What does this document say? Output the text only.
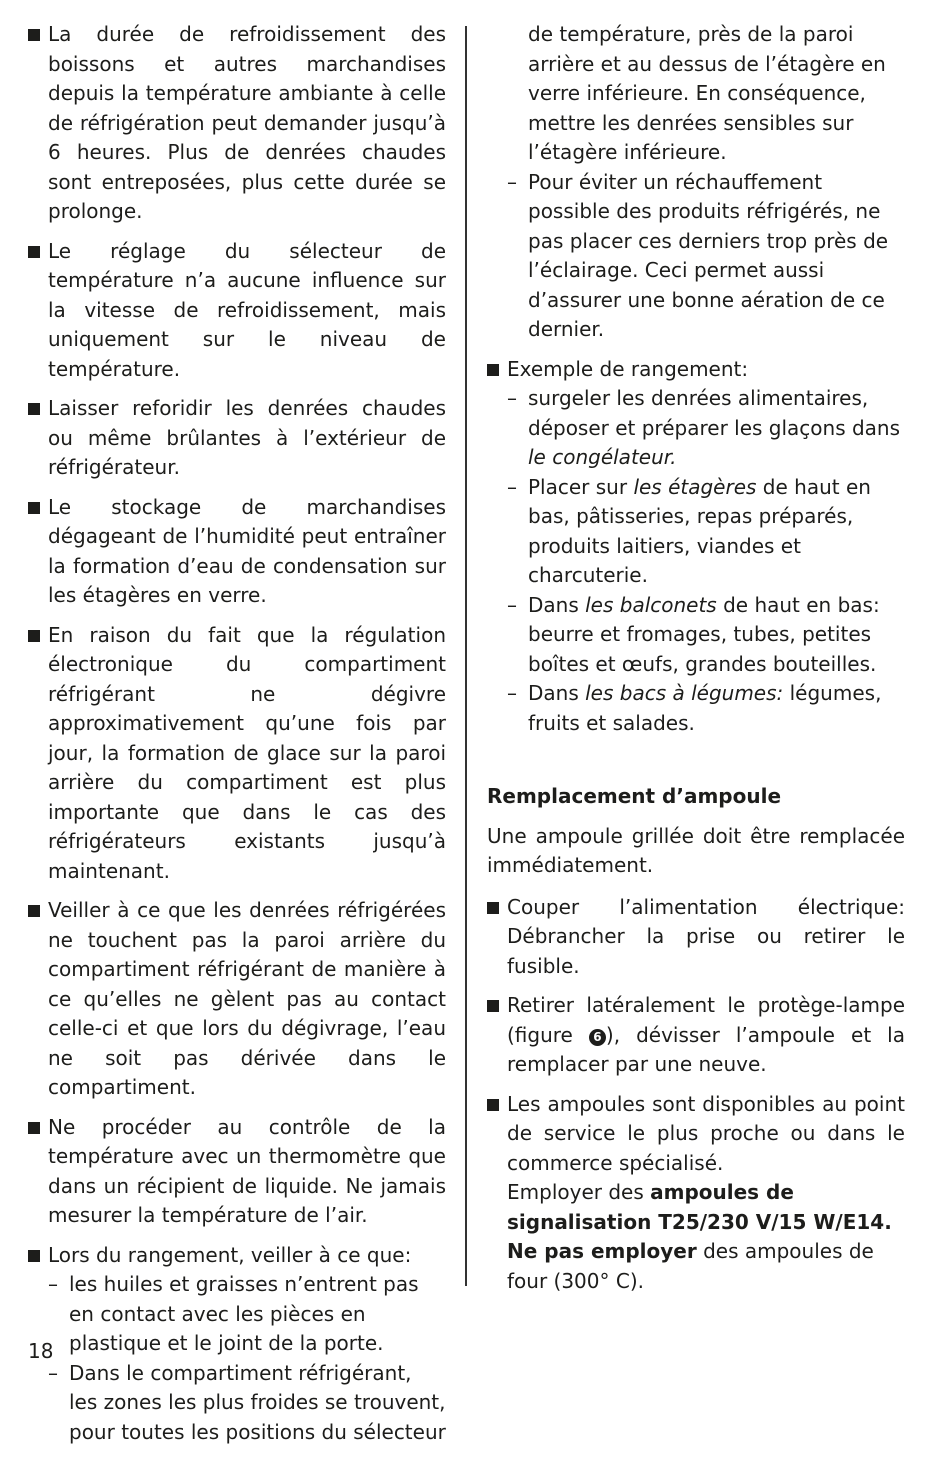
La durée de refroidissement des boissons et autres marchandises depuis la température ambiante à celle de réfrigération peut demander jusqu’à 6 heures. Plus de denrées chaudes sont entreposées, plus cette durée se prolonge.
Le réglage du sélecteur de température n’a aucune influence sur la vitesse de refroidissement, mais uniquement sur le niveau de température.
Laisser reforidir les denrées chaudes ou même brûlantes à l’extérieur de réfrigérateur.
Le stockage de marchandises dégageant de l’humidité peut entraîner la formation d’eau de condensation sur les étagères en verre.
En raison du fait que la régulation électronique du compartiment réfrigérant ne dégivre approximativement qu’une fois par jour, la formation de glace sur la paroi arrière du compartiment est plus importante que dans le cas des réfrigérateurs existants jusqu’à maintenant.
Veiller à ce que les denrées réfrigérées ne touchent pas la paroi arrière du compartiment réfrigérant de manière à ce qu’elles ne gèlent pas au contact celle-ci et que lors du dégivrage, l’eau ne soit pas dérivée dans le compartiment.
Ne procéder au contrôle de la température avec un thermomètre que dans un récipient de liquide. Ne jamais mesurer la température de l’air.
Lors du rangement, veiller à ce que:
– les huiles et graisses n’entrent pas en contact avec les pièces en plastique et le joint de la porte.
– Dans le compartiment réfrigérant, les zones les plus froides se trouvent, pour toutes les positions du sélecteur
de température, près de la paroi arrière et au dessus de l’étagère en verre inférieure. En conséquence, mettre les denrées sensibles sur l’étagère inférieure.
– Pour éviter un réchauffement possible des produits réfrigérés, ne pas placer ces derniers trop près de l’éclairage. Ceci permet aussi d’assurer une bonne aération de ce dernier.
Exemple de rangement:
– surgeler les denrées alimentaires, déposer et préparer les glaçons dans le congélateur.
– Placer sur les étagères de haut en bas, pâtisseries, repas préparés, produits laitiers, viandes et charcuterie.
– Dans les balconets de haut en bas: beurre et fromages, tubes, petites boîtes et œufs, grandes bouteilles.
– Dans les bacs à légumes: légumes, fruits et salades.
Remplacement d’ampoule
Une ampoule grillée doit être remplacée immédiatement.
Couper l’alimentation électrique: Débrancher la prise ou retirer le fusible.
Retirer latéralement le protège-lampe (figure 6 ), dévisser l’ampoule et la remplacer par une neuve.
Les ampoules sont disponibles au point de service le plus proche ou dans le commerce spécialisé.
Employer des ampoules de signalisation T25/230 V/15 W/E14. Ne pas employer des ampoules de four (300° C).
18
